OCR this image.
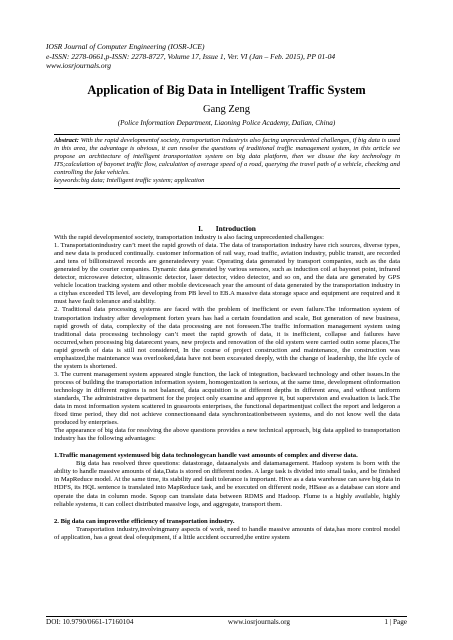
IOSR Journal of Computer Engineering (IOSR-JCE)
e-ISSN: 2278-0661,p-ISSN: 2278-8727, Volume 17, Issue 1, Ver. VI (Jan – Feb. 2015), PP 01-04
www.iosrjournals.org
Application of Big Data in Intelligent Traffic System
Gang Zeng
(Police Information Department, Liaoning Police Academy, Dalian, China)
Abstract: With the rapid developmentof society, transportation industryis also facing unprecedented challenges, if big data is used in this area, the advantage is obvious, it can resolve the questions of traditional traffic management system, in this article we propose an architecture of intelligent transportation system on big data platform, then we disuse the key technology in ITS;calculation of bayonet traffic flow, calculation of average speed of a road, querying the travel path of a vehicle, checking and controlling the fake vehicles.
keywords:big data; Intelligent traffic system; application
I. Introduction

With the rapid developmentof society, transportation industry is also facing unprecedented challenges:

1. Transportationindustry can’t meet the rapid growth of data. The data of transportation industry have rich sources, diverse types, and new data is produced continually. customer information of rail way, road traffic, aviation industry, public transit, are recorded .and tens of billionstravel records are generatedevery year. Operating data generated by transport companies, such as the data generated by the courier companies. Dynamic data generated by various sensors, such as induction coil at bayonet point, infrared detector, microwave detector, ultrasonic detector, laser detector, video detector, and so on, and the data are generated by GPS vehicle location tracking system and other mobile deviceseach year the amount of data generated by the transportation industry in a cityhas exceeded TB level, are developing from PB level to EB.A massive data storage space and equipment are required and it must have fault tolerance and stability.

2. Traditional data processing systems are faced with the problem of inefficient or even failure.The information system of transportation industry after development forten years has had a certain foundation and scale, But generation of new business, rapid growth of data, complexity of the data processing are not foreseen.The traffic information management system using traditional data processing technology can’t meet the rapid growth of data, it is inefficient, collapse and failures have occurred,when processing big datarecent years, new projects and renovation of the old system were carried outin some places,The rapid growth of data is still not considered, In the course of project construction and maintenance, the construction was emphasized,the maintenance was overlooked,data have not been excavated deeply, with the change of leadership, the life cycle of the system is shortened.

3. The current management system appeared single function, the lack of integration, backward technology and other issues.In the process of building the transportation information system, homogenization is serious, at the same time, development ofinformation technology in different regions is not balanced, data acquisition is at different depths in different area, and without uniform standards, The administrative department for the project only examine and approve it, but supervision and evaluation is lack.The data in most information system scattered in grassroots enterprises, the functional departmentjust collect the report and ledgeron a fixed time period, they did not achieve connectionsand data synchronizationbetween systems, and do not know well the data produced by enterprises.

The appearance of big data for resolving the above questions provides a new technical approach, big data applied to transportation industry has the following advantages:

1.Traffic management systemused big data technologycan handle vast amounts of complex and diverse data.

Big data has resolved three questions: datastorage, dataanalysis and datamanagement. Hadoop system is born with the ability to handle massive amounts of data,Data is stored on different nodes. A large task is divided into small tasks, and be finished in MapReduce model. At the same time, its stability and fault tolerance is important. Hive as a data warehouse can save big data in HDFS, its HQL sentence is translated into MapReduce task, and be executed on different node, HBase as a database can store and operate the data in column mode. Sqoop can translate data between RDMS and Hadoop. Flume is a highly available, highly reliable systems, it can collect distributed massive logs, and aggregate, transport them.

2. Big data can improvethe efficiency of transportation industry.

Transportation industry,involvingmany aspects of work, need to handle massive amounts of data,has more control model of application, has a great deal ofequipment, if a little accident occurred,the entire system

DOI: 10.9790/0661-17160104	www.iosrjournals.org	1 | Page
